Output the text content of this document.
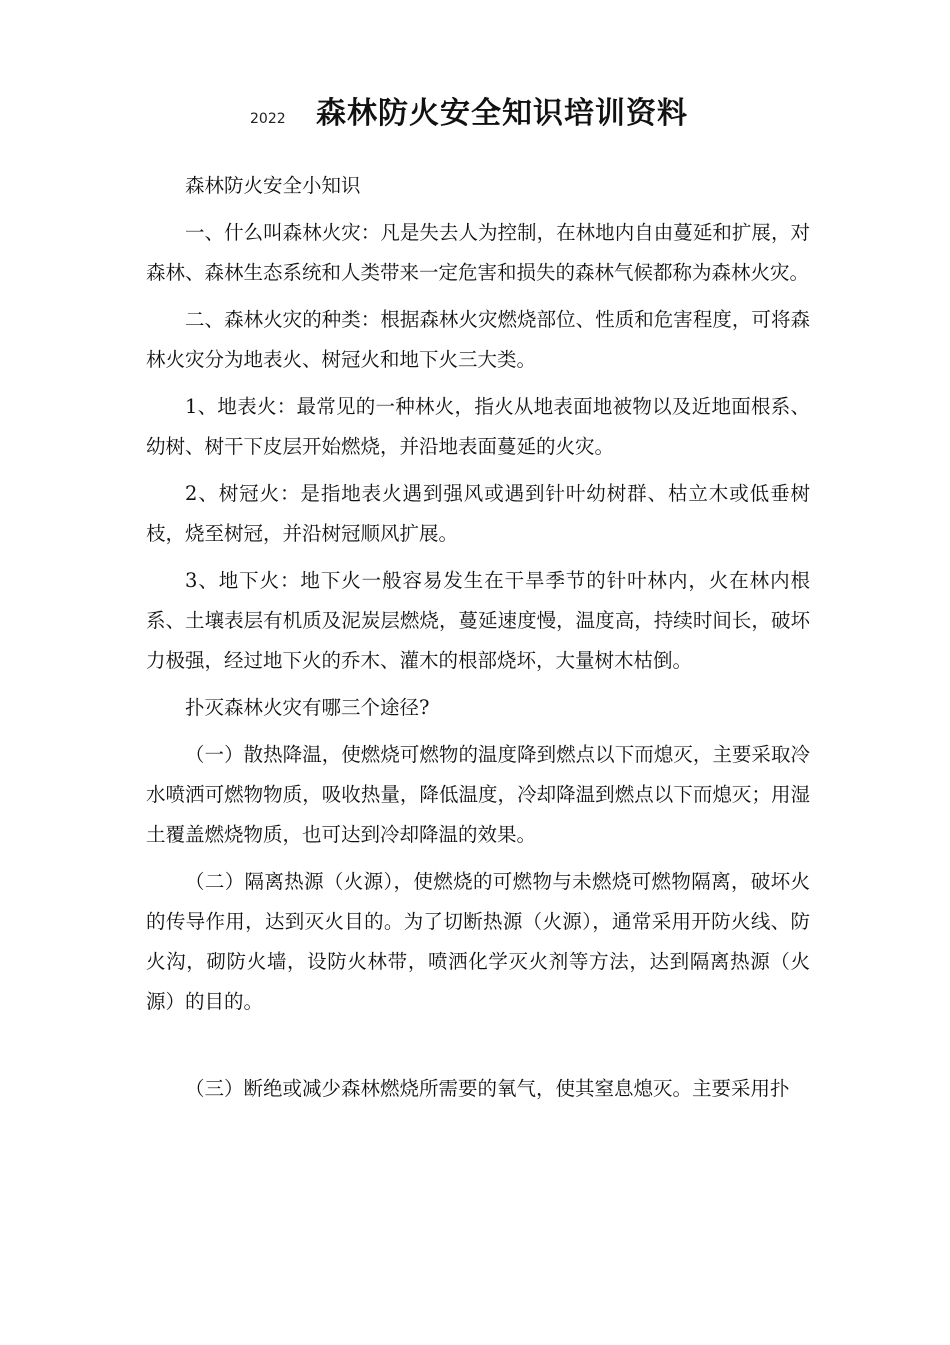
2022 森林防火安全知识培训资料

森林防火安全小知识

一、什么叫森林火灾：凡是失去人为控制，在林地内自由蔓延和扩展，对森林、森林生态系统和人类带来一定危害和损失的森林气候都称为森林火灾。

二、森林火灾的种类：根据森林火灾燃烧部位、性质和危害程度，可将森林火灾分为地表火、树冠火和地下火三大类。

1、地表火：最常见的一种林火，指火从地表面地被物以及近地面根系、幼树、树干下皮层开始燃烧，并沿地表面蔓延的火灾。

2、树冠火：是指地表火遇到强风或遇到针叶幼树群、枯立木或低垂树枝，烧至树冠，并沿树冠顺风扩展。

3、地下火：地下火一般容易发生在干旱季节的针叶林内，火在林内根系、土壤表层有机质及泥炭层燃烧，蔓延速度慢，温度高，持续时间长，破坏力极强，经过地下火的乔木、灌木的根部烧坏，大量树木枯倒。

扑灭森林火灾有哪三个途径?

（一）散热降温，使燃烧可燃物的温度降到燃点以下而熄灭，主要采取冷水喷洒可燃物物质，吸收热量，降低温度，冷却降温到燃点以下而熄灭；用湿土覆盖燃烧物质，也可达到冷却降温的效果。

（二）隔离热源（火源），使燃烧的可燃物与未燃烧可燃物隔离，破坏火的传导作用，达到灭火目的。为了切断热源（火源），通常采用开防火线、防火沟，砌防火墙，设防火林带，喷洒化学灭火剂等方法，达到隔离热源（火源）的目的。

（三）断绝或减少森林燃烧所需要的氧气，使其窒息熄灭。主要采用扑
